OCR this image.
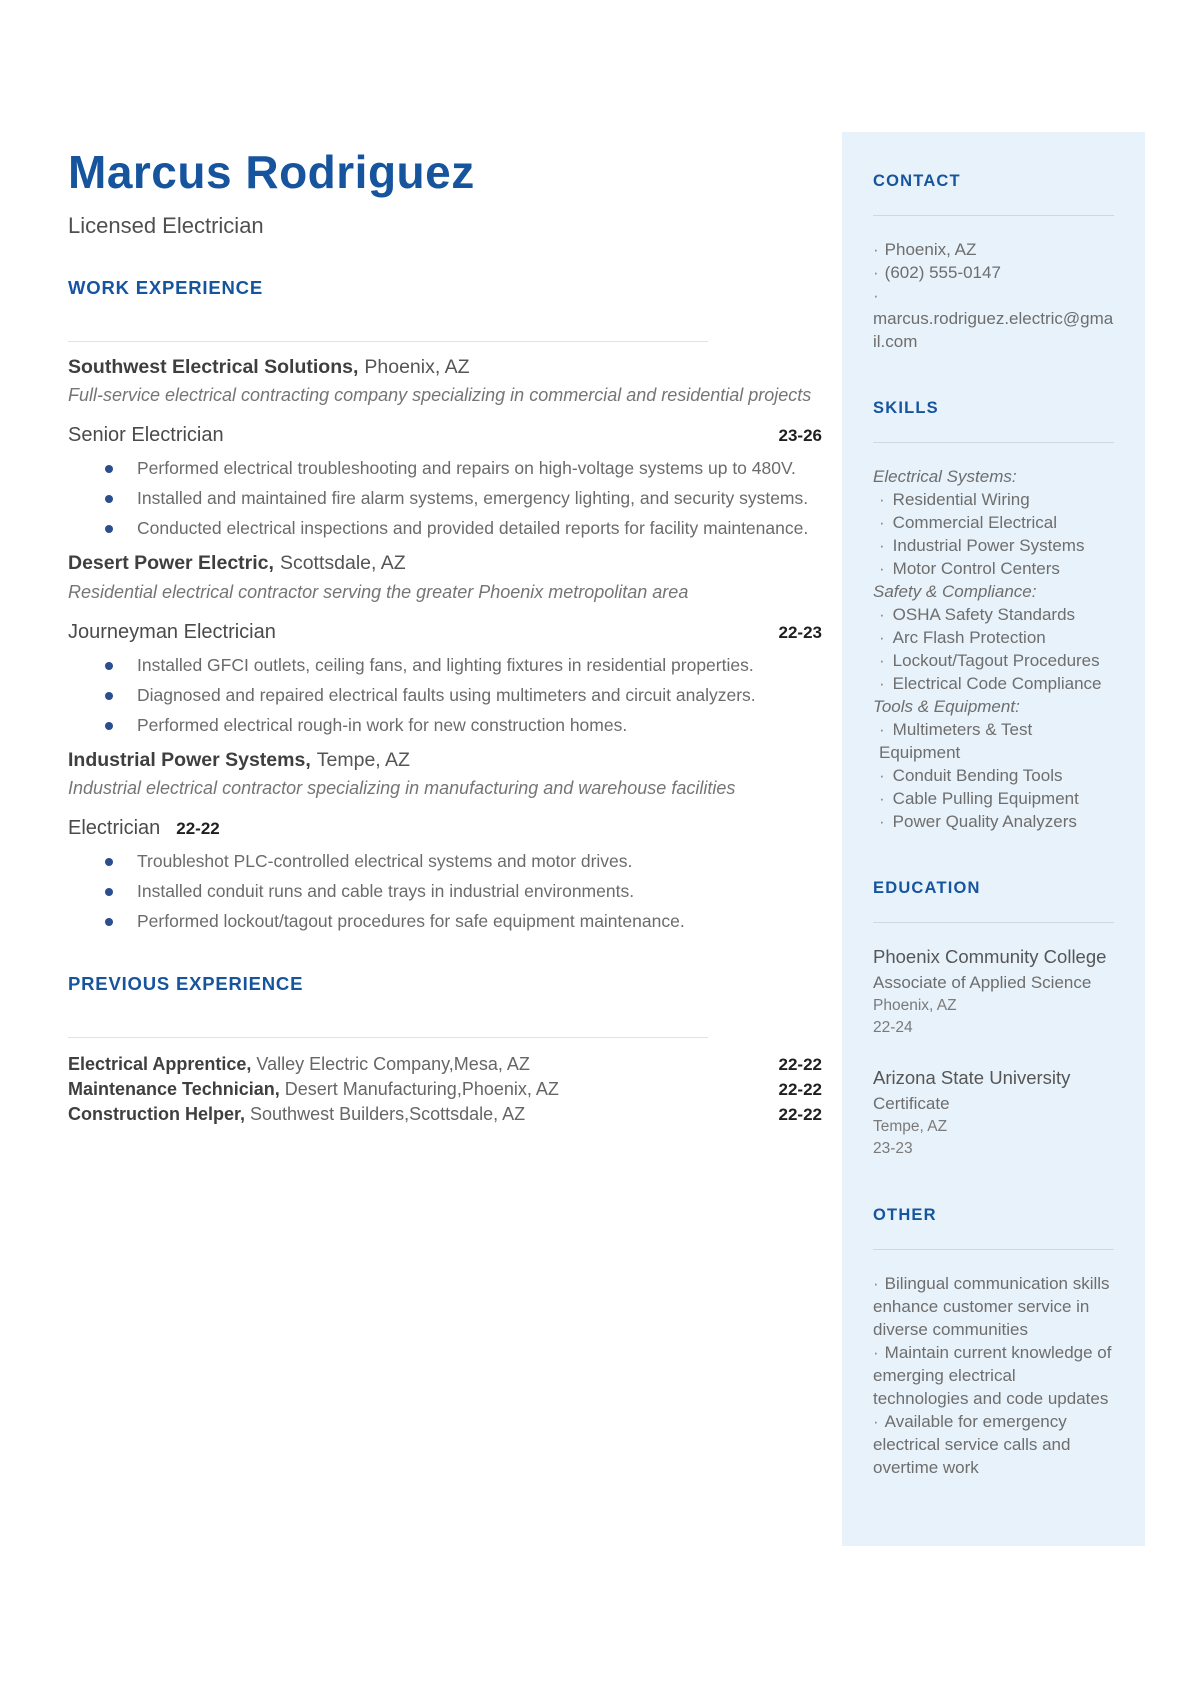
Marcus Rodriguez
Licensed Electrician
WORK EXPERIENCE
Southwest Electrical Solutions, Phoenix, AZ
Full-service electrical contracting company specializing in commercial and residential projects
Senior Electrician	23-26
Performed electrical troubleshooting and repairs on high-voltage systems up to 480V.
Installed and maintained fire alarm systems, emergency lighting, and security systems.
Conducted electrical inspections and provided detailed reports for facility maintenance.
Desert Power Electric, Scottsdale, AZ
Residential electrical contractor serving the greater Phoenix metropolitan area
Journeyman Electrician	22-23
Installed GFCI outlets, ceiling fans, and lighting fixtures in residential properties.
Diagnosed and repaired electrical faults using multimeters and circuit analyzers.
Performed electrical rough-in work for new construction homes.
Industrial Power Systems, Tempe, AZ
Industrial electrical contractor specializing in manufacturing and warehouse facilities
Electrician 22-22
Troubleshot PLC-controlled electrical systems and motor drives.
Installed conduit runs and cable trays in industrial environments.
Performed lockout/tagout procedures for safe equipment maintenance.
PREVIOUS EXPERIENCE
Electrical Apprentice, Valley Electric Company,Mesa, AZ	22-22
Maintenance Technician, Desert Manufacturing,Phoenix, AZ	22-22
Construction Helper, Southwest Builders,Scottsdale, AZ	22-22
CONTACT
· Phoenix, AZ
· (602) 555-0147
·marcus.rodriguez.electric@gmail.com
SKILLS
Electrical Systems:
· Residential Wiring
· Commercial Electrical
· Industrial Power Systems
· Motor Control Centers
Safety & Compliance:
· OSHA Safety Standards
· Arc Flash Protection
· Lockout/Tagout Procedures
· Electrical Code Compliance
Tools & Equipment:
· Multimeters & Test Equipment
· Conduit Bending Tools
· Cable Pulling Equipment
· Power Quality Analyzers
EDUCATION
Phoenix Community College
Associate of Applied Science
Phoenix, AZ
22-24
Arizona State University
Certificate
Tempe, AZ
23-23
OTHER
· Bilingual communication skills enhance customer service in diverse communities
· Maintain current knowledge of emerging electrical technologies and code updates
· Available for emergency electrical service calls and overtime work
